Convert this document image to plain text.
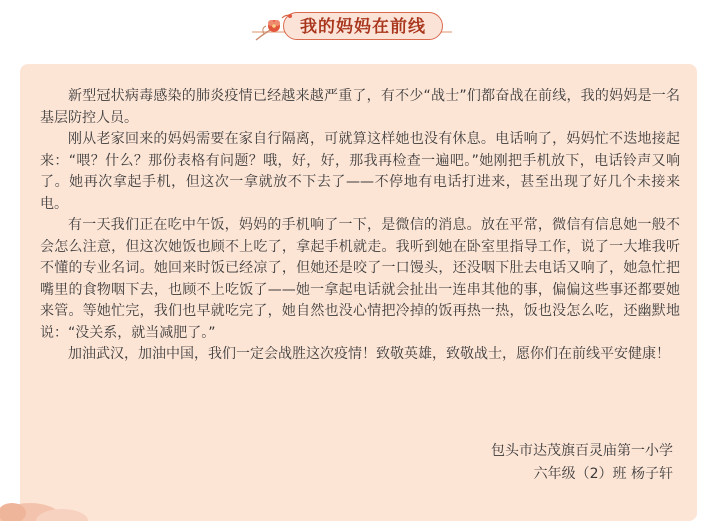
我的妈妈在前线

新型冠状病毒感染的肺炎疫情已经越来越严重了，有不少“战士”们都奋战在前线，我的妈妈是一名基层防控人员。

刚从老家回来的妈妈需要在家自行隔离，可就算这样她也没有休息。电话响了，妈妈忙不迭地接起来：“喂？什么？那份表格有问题？哦，好，好，那我再检查一遍吧。”她刚把手机放下，电话铃声又响了。她再次拿起手机，但这次一拿就放不下去了——不停地有电话打进来，甚至出现了好几个未接来电。

有一天我们正在吃中午饭，妈妈的手机响了一下，是微信的消息。放在平常，微信有信息她一般不会怎么注意，但这次她饭也顾不上吃了，拿起手机就走。我听到她在卧室里指导工作，说了一大堆我听不懂的专业名词。她回来时饭已经凉了，但她还是咬了一口馒头，还没咽下肚去电话又响了，她急忙把嘴里的食物咽下去，也顾不上吃饭了——她一拿起电话就会扯出一连串其他的事，偏偏这些事还都要她来管。等她忙完，我们也早就吃完了，她自然也没心情把冷掉的饭再热一热，饭也没怎么吃，还幽默地说：“没关系，就当减肥了。”

加油武汉，加油中国，我们一定会战胜这次疫情！致敬英雄，致敬战士，愿你们在前线平安健康！

包头市达茂旗百灵庙第一小学
六年级（2）班 杨子轩
